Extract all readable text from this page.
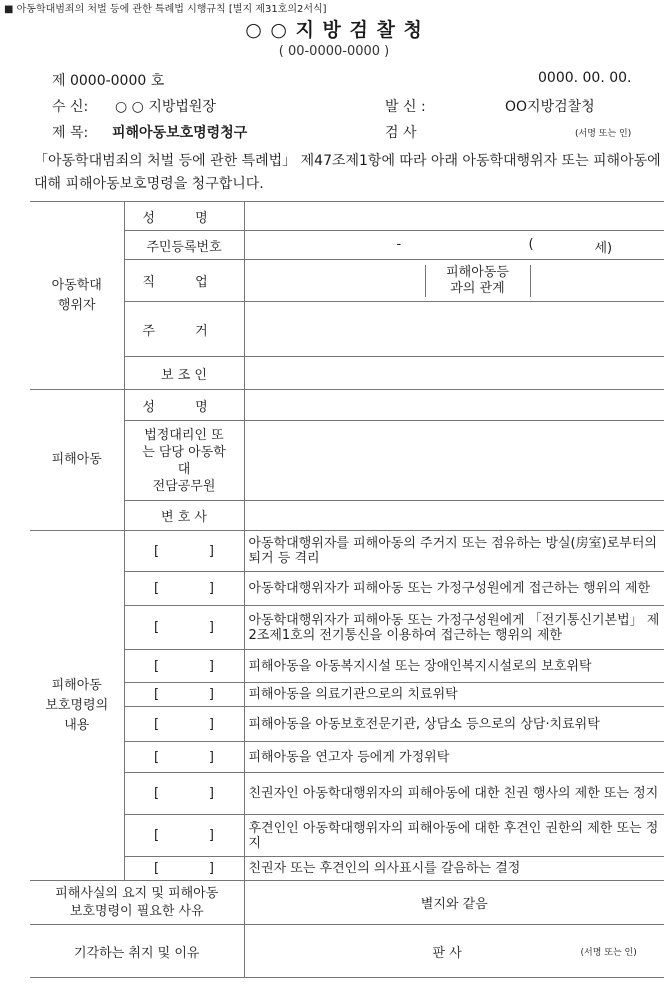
■ 아동학대범죄의 처벌 등에 관한 특례법 시행규칙 [별지 제31호의2서식]
○ ○ 지 방 검 찰 청
( 00-0000-0000 )
제 0000-0000 호	0000. 00. 00.
수 신: ○ ○ 지방법원장	발 신 :	OO지방검찰청
제 목: 피해아동보호명령청구	검 사	(서명 또는 인)
「아동학대범죄의 처벌 등에 관한 특례법」 제47조제1항에 따라 아래 아동학대행위자 또는 피해아동에 대해 피해아동보호명령을 청구합니다.
아동학대
행위자	성 명	
	주민등록번호	- ( 세)

	직 업	피해아동등
과의 관계

	주 거	
	보 조 인	
피해아동	성 명	
	법정대리인 또
는 담당 아동학
대
전담공무원	
	변 호 사	
피해아동
보호명령의
내용	[ ]	아동학대행위자를 피해아동의 주거지 또는 점유하는 방실(房室)로부터의 퇴거 등 격리

	[ ]	아동학대행위자가 피해아동 또는 가정구성원에게 접근하는 행위의 제한

	[ ]	아동학대행위자가 피해아동 또는 가정구성원에게 「전기통신기본법」 제2조제1호의 전기통신을 이용하여 접근하는 행위의 제한

	[ ]	피해아동을 아동복지시설 또는 장애인복지시설로의 보호위탁

	[ ]	피해아동을 의료기관으로의 치료위탁

	[ ]	피해아동을 아동보호전문기관, 상담소 등으로의 상담·치료위탁

	[ ]	피해아동을 연고자 등에게 가정위탁

	[ ]	친권자인 아동학대행위자의 피해아동에 대한 친권 행사의 제한 또는 정지

	[ ]	후견인인 아동학대행위자의 피해아동에 대한 후견인 권한의 제한 또는 정지

	[ ]	친권자 또는 후견인의 의사표시를 갈음하는 결정
피해사실의 요지 및 피해아동
보호명령이 필요한 사유		별지와 같음
기각하는 취지 및 이유		판 사 (서명 또는 인)
